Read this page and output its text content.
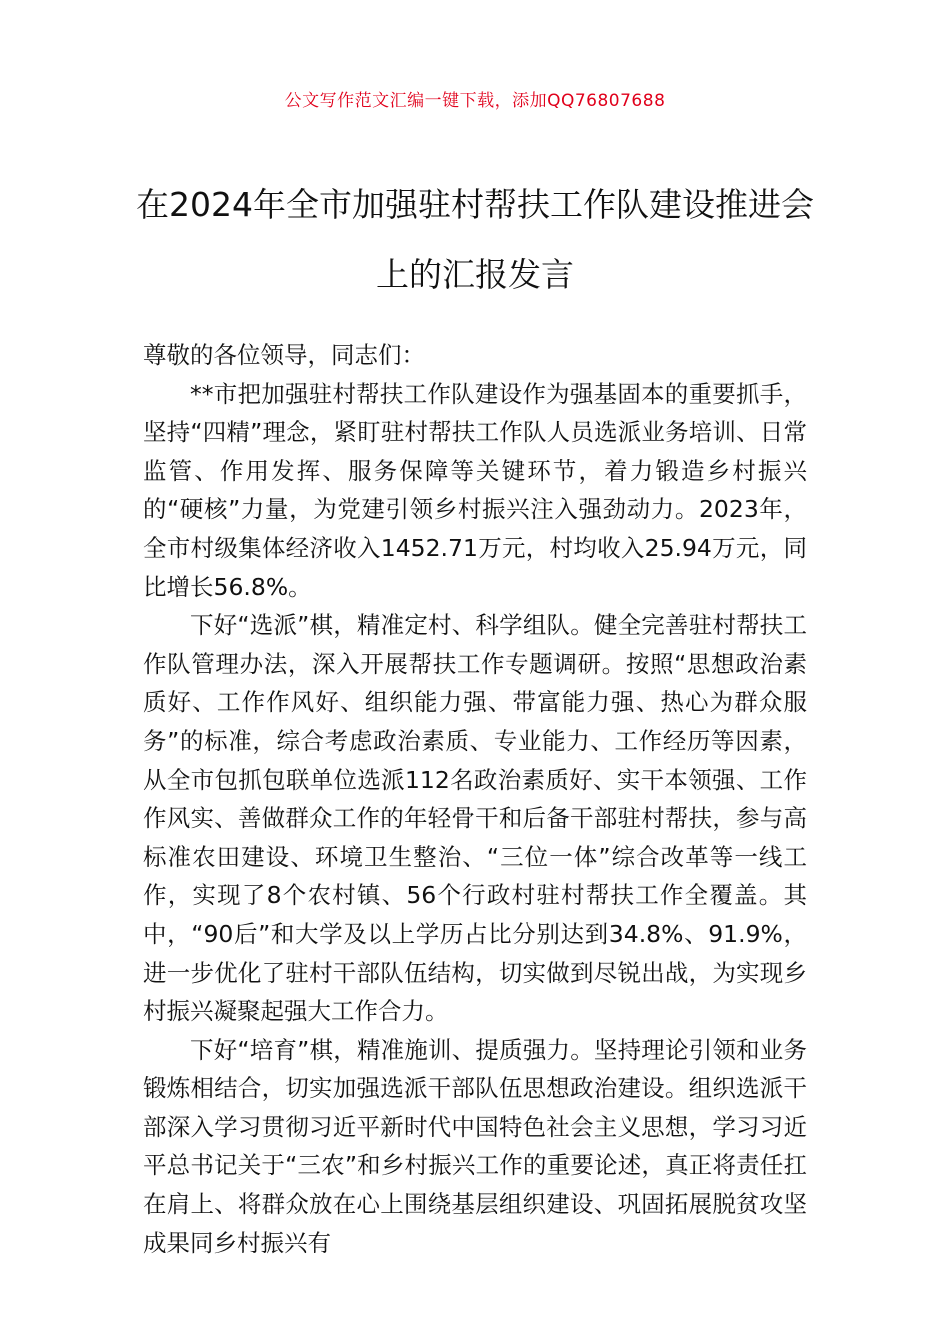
公文写作范文汇编一键下载，添加QQ76807688
在2024年全市加强驻村帮扶工作队建设推进会上的汇报发言

尊敬的各位领导，同志们：

**市把加强驻村帮扶工作队建设作为强基固本的重要抓手，坚持“四精”理念，紧盯驻村帮扶工作队人员选派业务培训、日常监管、作用发挥、服务保障等关键环节，着力锻造乡村振兴的“硬核”力量，为党建引领乡村振兴注入强劲动力。2023年，全市村级集体经济收入1452.71万元，村均收入25.94万元，同比增长56.8%。

下好“选派”棋，精准定村、科学组队。健全完善驻村帮扶工作队管理办法，深入开展帮扶工作专题调研。按照“思想政治素质好、工作作风好、组织能力强、带富能力强、热心为群众服务”的标准，综合考虑政治素质、专业能力、工作经历等因素，从全市包抓包联单位选派112名政治素质好、实干本领强、工作作风实、善做群众工作的年轻骨干和后备干部驻村帮扶，参与高标准农田建设、环境卫生整治、“三位一体”综合改革等一线工作，实现了8个农村镇、56个行政村驻村帮扶工作全覆盖。其中，“90后”和大学及以上学历占比分别达到34.8%、91.9%，进一步优化了驻村干部队伍结构，切实做到尽锐出战，为实现乡村振兴凝聚起强大工作合力。

下好“培育”棋，精准施训、提质强力。坚持理论引领和业务锻炼相结合，切实加强选派干部队伍思想政治建设。组织选派干部深入学习贯彻习近平新时代中国特色社会主义思想，学习习近平总书记关于“三农”和乡村振兴工作的重要论述，真正将责任扛在肩上、将群众放在心上围绕基层组织建设、巩固拓展脱贫攻坚成果同乡村振兴有
